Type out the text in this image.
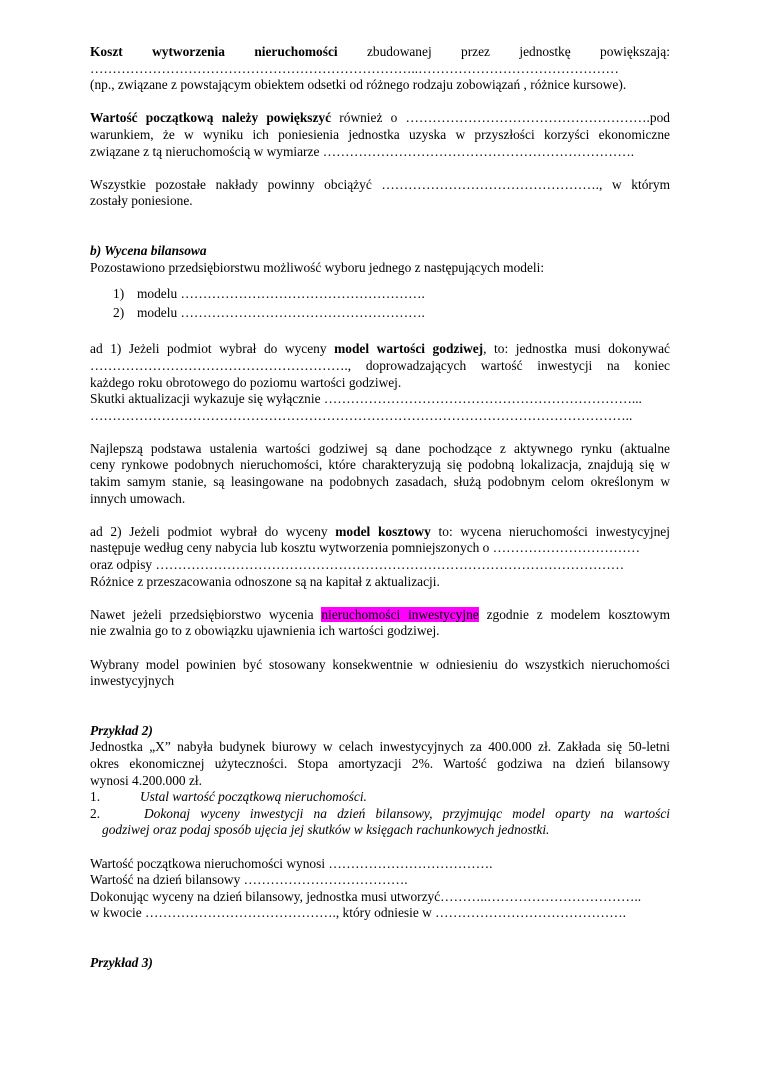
Koszt wytworzenia nieruchomości zbudowanej przez jednostkę powiększają:
………………………………………………………………..………………………………………
(np., związane z powstającym obiektem odsetki od różnego rodzaju zobowiązań , różnice kursowe).
Wartość początkową należy powiększyć również o ……………………………………………….pod
warunkiem, że w wyniku ich poniesienia jednostka uzyska w przyszłości korzyści ekonomiczne
związane z tą nieruchomością w wymiarze …………………………………………………………….
Wszystkie pozostałe nakłady powinny obciążyć …………………………………………., w którym
zostały poniesione.
b) Wycena bilansowa
Pozostawiono przedsiębiorstwu możliwość wyboru jednego z następujących modeli:
1) modelu ……………………………………………….
2) modelu ……………………………………………….
ad 1) Jeżeli podmiot wybrał do wyceny model wartości godziwej, to: jednostka musi dokonywać
…………………………………………………., doprowadzających wartość inwestycji na koniec
każdego roku obrotowego do poziomu wartości godziwej.
Skutki aktualizacji wykazuje się wyłącznie ……………………………………………………………...
…………………………………………………………………………………………………………..
Najlepszą podstawa ustalenia wartości godziwej są dane pochodzące z aktywnego rynku (aktualne
ceny rynkowe podobnych nieruchomości, które charakteryzują się podobną lokalizacja, znajdują się w
takim samym stanie, są leasingowane na podobnych zasadach, służą podobnym celom określonym w
innych umowach.
ad 2) Jeżeli podmiot wybrał do wyceny model kosztowy to: wycena nieruchomości inwestycyjnej
następuje według ceny nabycia lub kosztu wytworzenia pomniejszonych o ……………………………
oraz odpisy ……………………………………………………………………………………………
Różnice z przeszacowania odnoszone są na kapitał z aktualizacji.
Nawet jeżeli przedsiębiorstwo wycenia nieruchomości inwestycyjne zgodnie z modelem kosztowym
nie zwalnia go to z obowiązku ujawnienia ich wartości godziwej.
Wybrany model powinien być stosowany konsekwentnie w odniesieniu do wszystkich nieruchomości
inwestycyjnych
Przykład 2)
Jednostka „X” nabyła budynek biurowy w celach inwestycyjnych za 400.000 zł. Zakłada się 50-letni
okres ekonomicznej użyteczności. Stopa amortyzacji 2%. Wartość godziwa na dzień bilansowy
wynosi 4.200.000 zł.
1.	Ustal wartość początkową nieruchomości.
2.	Dokonaj wyceny inwestycji na dzień bilansowy, przyjmując model oparty na wartości
godziwej oraz podaj sposób ujęcia jej skutków w księgach rachunkowych jednostki.
Wartość początkowa nieruchomości wynosi ……………………………….
Wartość na dzień bilansowy ……………………………….
Dokonując wyceny na dzień bilansowy, jednostka musi utworzyć………..……………………………..
w kwocie ……………………………………., który odniesie w …………………………………….
Przykład 3)
